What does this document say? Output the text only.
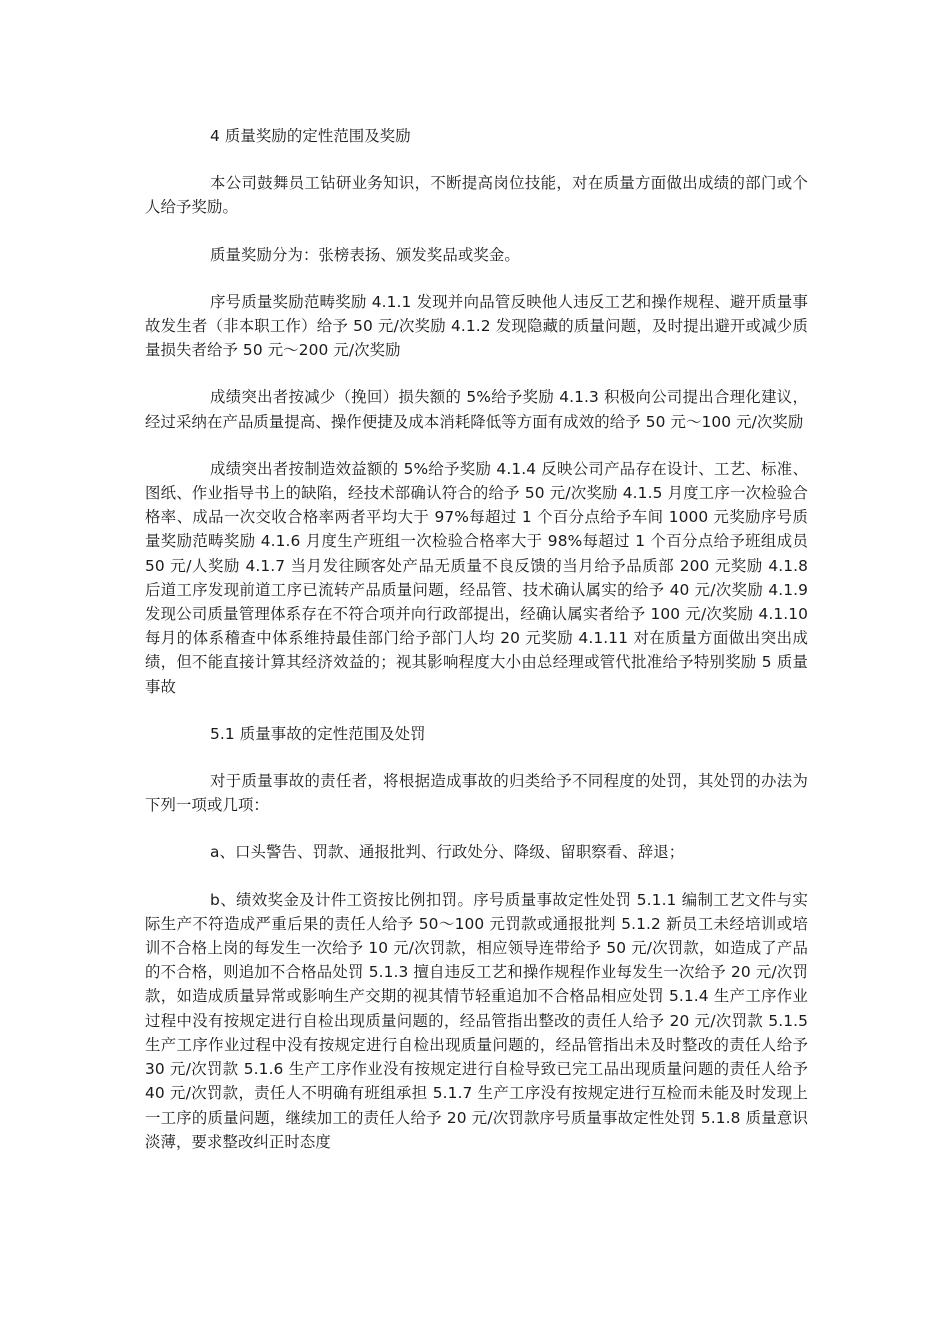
4 质量奖励的定性范围及奖励

本公司鼓舞员工钻研业务知识，不断提高岗位技能，对在质量方面做出成绩的部门或个人给予奖励。

质量奖励分为：张榜表扬、颁发奖品或奖金。

序号质量奖励范畴奖励 4.1.1 发现并向品管反映他人违反工艺和操作规程、避开质量事故发生者（非本职工作）给予 50 元/次奖励 4.1.2 发现隐藏的质量问题，及时提出避开或减少质量损失者给予 50 元～200 元/次奖励

成绩突出者按减少（挽回）损失额的 5%给予奖励 4.1.3 积极向公司提出合理化建议，经过采纳在产品质量提高、操作便捷及成本消耗降低等方面有成效的给予 50 元～100 元/次奖励

成绩突出者按制造效益额的 5%给予奖励 4.1.4 反映公司产品存在设计、工艺、标准、图纸、作业指导书上的缺陷，经技术部确认符合的给予 50 元/次奖励 4.1.5 月度工序一次检验合格率、成品一次交收合格率两者平均大于 97%每超过 1 个百分点给予车间 1000 元奖励序号质量奖励范畴奖励 4.1.6 月度生产班组一次检验合格率大于 98%每超过 1 个百分点给予班组成员 50 元/人奖励 4.1.7 当月发往顾客处产品无质量不良反馈的当月给予品质部 200 元奖励 4.1.8 后道工序发现前道工序已流转产品质量问题，经品管、技术确认属实的给予 40 元/次奖励 4.1.9 发现公司质量管理体系存在不符合项并向行政部提出，经确认属实者给予 100 元/次奖励 4.1.10 每月的体系稽查中体系维持最佳部门给予部门人均 20 元奖励 4.1.11 对在质量方面做出突出成绩，但不能直接计算其经济效益的；视其影响程度大小由总经理或管代批准给予特别奖励 5 质量事故

5.1 质量事故的定性范围及处罚

对于质量事故的责任者，将根据造成事故的归类给予不同程度的处罚，其处罚的办法为下列一项或几项：

a、口头警告、罚款、通报批判、行政处分、降级、留职察看、辞退；

b、绩效奖金及计件工资按比例扣罚。序号质量事故定性处罚 5.1.1 编制工艺文件与实际生产不符造成严重后果的责任人给予 50～100 元罚款或通报批判 5.1.2 新员工未经培训或培训不合格上岗的每发生一次给予 10 元/次罚款，相应领导连带给予 50 元/次罚款，如造成了产品的不合格，则追加不合格品处罚 5.1.3 擅自违反工艺和操作规程作业每发生一次给予 20 元/次罚款，如造成质量异常或影响生产交期的视其情节轻重追加不合格品相应处罚 5.1.4 生产工序作业过程中没有按规定进行自检出现质量问题的，经品管指出整改的责任人给予 20 元/次罚款 5.1.5 生产工序作业过程中没有按规定进行自检出现质量问题的，经品管指出未及时整改的责任人给予 30 元/次罚款 5.1.6 生产工序作业没有按规定进行自检导致已完工品出现质量问题的责任人给予 40 元/次罚款，责任人不明确有班组承担 5.1.7 生产工序没有按规定进行互检而未能及时发现上一工序的质量问题，继续加工的责任人给予 20 元/次罚款序号质量事故定性处罚 5.1.8 质量意识淡薄，要求整改纠正时态度
